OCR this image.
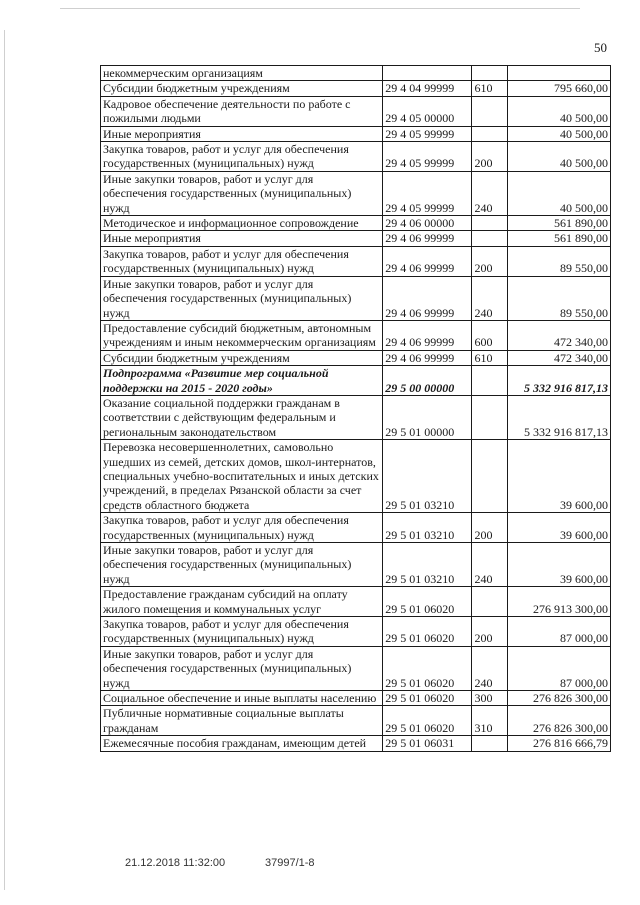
50
некоммерческим организациям			
Субсидии бюджетным учреждениям	29 4 04 99999	610	795 660,00
Кадровое обеспечение деятельности по работе с пожилыми людьми	29 4 05 00000		40 500,00
Иные мероприятия	29 4 05 99999		40 500,00
Закупка товаров, работ и услуг для обеспечения государственных (муниципальных) нужд	29 4 05 99999	200	40 500,00
Иные закупки товаров, работ и услуг для обеспечения государственных (муниципальных) нужд	29 4 05 99999	240	40 500,00
Методическое и информационное сопровождение	29 4 06 00000		561 890,00
Иные мероприятия	29 4 06 99999		561 890,00
Закупка товаров, работ и услуг для обеспечения государственных (муниципальных) нужд	29 4 06 99999	200	89 550,00
Иные закупки товаров, работ и услуг для обеспечения государственных (муниципальных) нужд	29 4 06 99999	240	89 550,00
Предоставление субсидий бюджетным, автономным учреждениям и иным некоммерческим организациям	29 4 06 99999	600	472 340,00
Субсидии бюджетным учреждениям	29 4 06 99999	610	472 340,00
Подпрограмма «Развитие мер социальной поддержки на 2015 - 2020 годы»	29 5 00 00000		5 332 916 817,13
Оказание социальной поддержки гражданам в соответствии с действующим федеральным и региональным законодательством	29 5 01 00000		5 332 916 817,13
Перевозка несовершеннолетних, самовольно ушедших из семей, детских домов, школ-интернатов, специальных учебно-воспитательных и иных детских учреждений, в пределах Рязанской области за счет средств областного бюджета	29 5 01 03210		39 600,00
Закупка товаров, работ и услуг для обеспечения государственных (муниципальных) нужд	29 5 01 03210	200	39 600,00
Иные закупки товаров, работ и услуг для обеспечения государственных (муниципальных) нужд	29 5 01 03210	240	39 600,00
Предоставление гражданам субсидий на оплату жилого помещения и коммунальных услуг	29 5 01 06020		276 913 300,00
Закупка товаров, работ и услуг для обеспечения государственных (муниципальных) нужд	29 5 01 06020	200	87 000,00
Иные закупки товаров, работ и услуг для обеспечения государственных (муниципальных) нужд	29 5 01 06020	240	87 000,00
Социальное обеспечение и иные выплаты населению	29 5 01 06020	300	276 826 300,00
Публичные нормативные социальные выплаты гражданам	29 5 01 06020	310	276 826 300,00
Ежемесячные пособия гражданам, имеющим детей	29 5 01 06031		276 816 666,79
21.12.2018 11:32:00	37997/1-8
